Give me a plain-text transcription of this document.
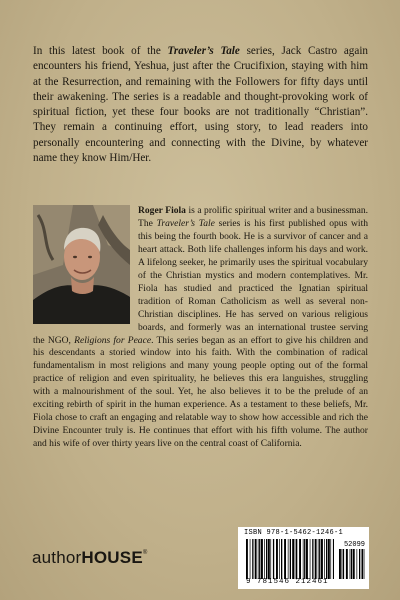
In this latest book of the Traveler’s Tale series, Jack Castro again encounters his friend, Yeshua, just after the Crucifixion, staying with him at the Resurrection, and remaining with the Followers for fifty days until their awakening. The series is a readable and thought-provoking work of spiritual fiction, yet these four books are not traditionally “Christian”. They remain a continuing effort, using story, to lead readers into personally encountering and connecting with the Divine, by whatever name they know Him/Her.

Roger Fiola is a prolific spiritual writer and a businessman. The Traveler’s Tale series is his first published opus with this being the fourth book. He is a survivor of cancer and a heart attack. Both life challenges inform his days and work. A lifelong seeker, he primarily uses the spiritual vocabulary of the Christian mystics and modern contemplatives. Mr. Fiola has studied and practiced the Ignatian spiritual tradition of Roman Catholicism as well as several non-Christian disciplines. He has served on various religious boards, and formerly was an international trustee serving the NGO, Religions for Peace. This series began as an effort to give his children and his descendants a storied window into his faith. With the combination of radical fundamentalism in most religions and many young people opting out of the formal practice of religion and even spirituality, he believes this era languishes, struggling with a malnourishment of the soul. Yet, he also believes it to be the prelude of an exciting rebirth of spirit in the human experience. As a testament to these beliefs, Mr. Fiola chose to craft an engaging and relatable way to show how accessible and rich the Divine Encounter truly is. He continues that effort with his fifth volume. The author and his wife of over thirty years live on the central coast of California.

authorHOUSE®
ISBN 978-1-5462-1246-1
52099
9 781546 212461
